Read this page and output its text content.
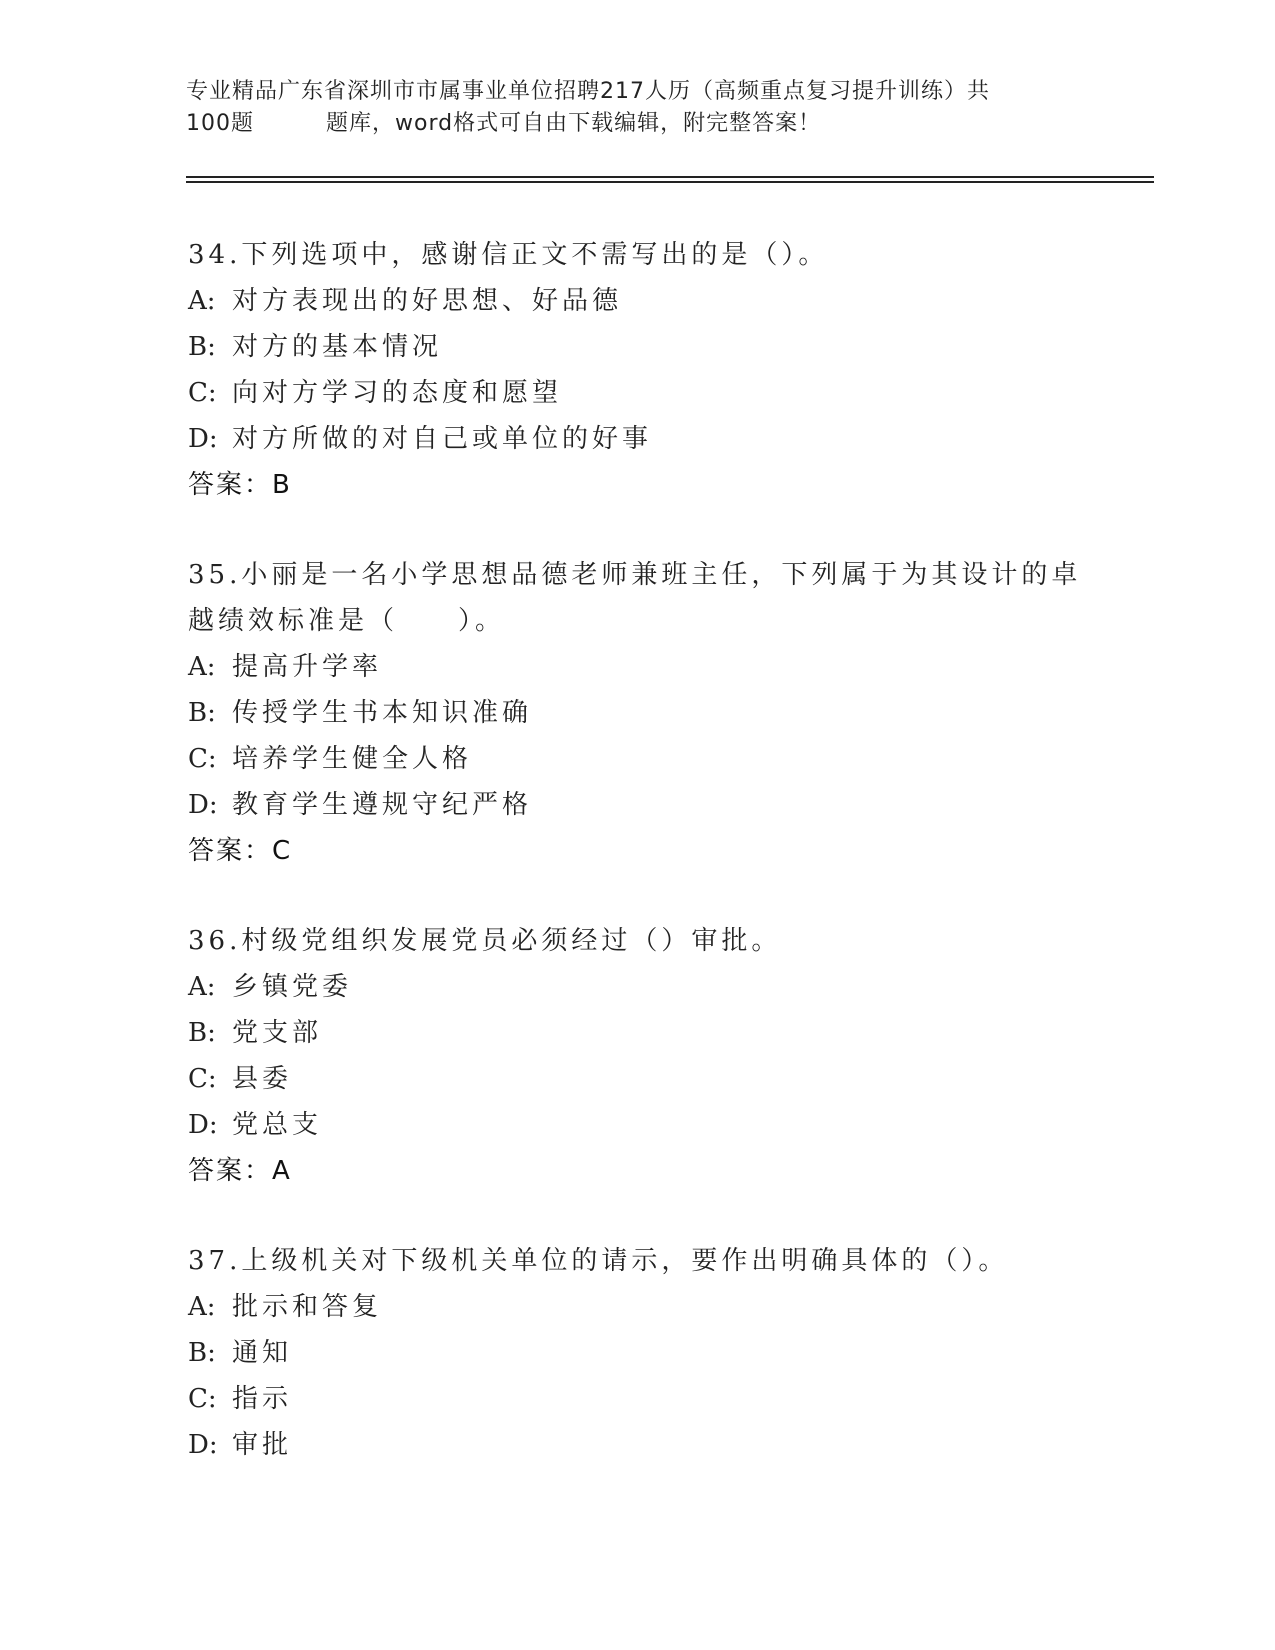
专业精品广东省深圳市市属事业单位招聘217人历（高频重点复习提升训练）共
100题	题库，word格式可自由下载编辑，附完整答案！
34.下列选项中，感谢信正文不需写出的是（）。
A: 对方表现出的好思想、好品德
B: 对方的基本情况
C: 向对方学习的态度和愿望
D: 对方所做的对自己或单位的好事
答案：B
35.小丽是一名小学思想品德老师兼班主任，下列属于为其设计的卓越绩效标准是（　　）。
A: 提高升学率
B: 传授学生书本知识准确
C: 培养学生健全人格
D: 教育学生遵规守纪严格
答案：C
36.村级党组织发展党员必须经过（）审批。
A: 乡镇党委
B: 党支部
C: 县委
D: 党总支
答案：A
37.上级机关对下级机关单位的请示，要作出明确具体的（）。
A: 批示和答复
B: 通知
C: 指示
D: 审批
